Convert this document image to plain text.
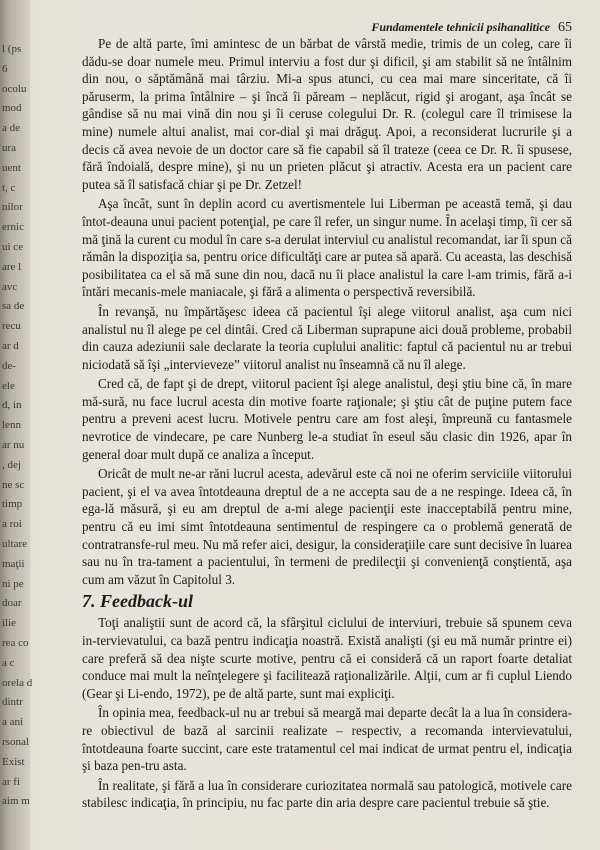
l (ps
6
ocolu
mod
a de
ura
uent
t, c
nilor
ernic
ui ce
are l
avc
sa de
recu
ar d
de-
ele
d, in
lenn
ar nu
, dej
ne sc
timp
a roi
ultare
maţii
ni pe
doar
ilie
rea co
a c
orela d
dintr
a ani
rsonal
Exist
ar fi
aim m
Fundamentele tehnicii psihanalitice 65

Pe de altă parte, îmi amintesc de un bărbat de vârstă medie, trimis de un coleg, care îi dădu-se doar numele meu. Primul interviu a fost dur şi dificil, şi am stabilit să ne întâlnim din nou, o săptămână mai târziu. Mi-a spus atunci, cu cea mai mare sinceritate, că îi păruserm, la prima întâlnire – şi încă îi păream – neplăcut, rigid şi arogant, aşa încât se gândise să nu mai vină din nou şi îi ceruse colegului Dr. R. (colegul care îl trimisese la mine) numele altui analist, mai cor-dial şi mai drăguţ. Apoi, a reconsiderat lucrurile şi a decis că avea nevoie de un doctor care să fie capabil să îl trateze (ceea ce Dr. R. îi spusese, fără îndoială, despre mine), şi nu un prieten plăcut şi atractiv. Acesta era un pacient care putea să îl satisfacă chiar şi pe Dr. Zetzel!

Aşa încât, sunt în deplin acord cu avertismentele lui Liberman pe această temă, şi dau întot-deauna unui pacient potenţial, pe care îl refer, un singur nume. În acelaşi timp, îi cer să mă ţină la curent cu modul în care s-a derulat interviul cu analistul recomandat, iar îi spun că rămân la dispoziţia sa, pentru orice dificultăţi care ar putea să apară. Cu aceasta, las deschisă posibilitatea ca el să mă sune din nou, dacă nu îi place analistul la care l-am trimis, fără a-i întări mecanis-mele maniacale, şi fără a alimenta o perspectivă reversibilă.

În revanşă, nu împărtăşesc ideea că pacientul îşi alege viitorul analist, aşa cum nici analistul nu îl alege pe cel dintâi. Cred că Liberman suprapune aici două probleme, probabil din cauza adeziunii sale declarate la teoria cuplului analitic: faptul că pacientul nu ar trebui niciodată să îşi „intervieveze” viitorul analist nu înseamnă că nu îl alege.

Cred că, de fapt şi de drept, viitorul pacient îşi alege analistul, deşi ştiu bine că, în mare mă-sură, nu face lucrul acesta din motive foarte raţionale; şi ştiu cât de puţine putem face pentru a preveni acest lucru. Motivele pentru care am fost aleşi, împreună cu fantasmele nevrotice de vindecare, pe care Nunberg le-a studiat în eseul său clasic din 1926, apar în general doar mult după ce analiza a început.

Oricât de mult ne-ar răni lucrul acesta, adevărul este că noi ne oferim serviciile viitorului pacient, şi el va avea întotdeauna dreptul de a ne accepta sau de a ne respinge. Ideea că, în ega-lă măsură, şi eu am dreptul de a-mi alege pacienţii este inacceptabilă pentru mine, pentru că eu imi simt întotdeauna sentimentul de respingere ca o problemă generată de contratransfe-rul meu. Nu mă refer aici, desigur, la consideraţiile care sunt decisive în luarea sau nu în tra-tament a pacientului, în termeni de predilecţii şi convenienţă conştientă, aşa cum am văzut în Capitolul 3.

7. Feedback-ul

Toţi analiştii sunt de acord că, la sfârşitul ciclului de interviuri, trebuie să spunem ceva in-tervievatului, ca bază pentru indicaţia noastră. Există analişti (şi eu mă număr printre ei) care preferă să dea nişte scurte motive, pentru că ei consideră că un raport foarte detaliat conduce mai mult la neînţelegere şi facilitează raţionalizările. Alţii, cum ar fi cuplul Liendo (Gear şi Li-endo, 1972), pe de altă parte, sunt mai expliciţi.

În opinia mea, feedback-ul nu ar trebui să meargă mai departe decât la a lua în considera-re obiectivul de bază al sarcinii realizate – respectiv, a recomanda intervievatului, întotdeauna foarte succint, care este tratamentul cel mai indicat de urmat pentru el, indicaţia şi baza pen-tru asta.

În realitate, şi fără a lua în considerare curiozitatea normală sau patologică, motivele care stabilesc indicaţia, în principiu, nu fac parte din aria despre care pacientul trebuie să ştie.
